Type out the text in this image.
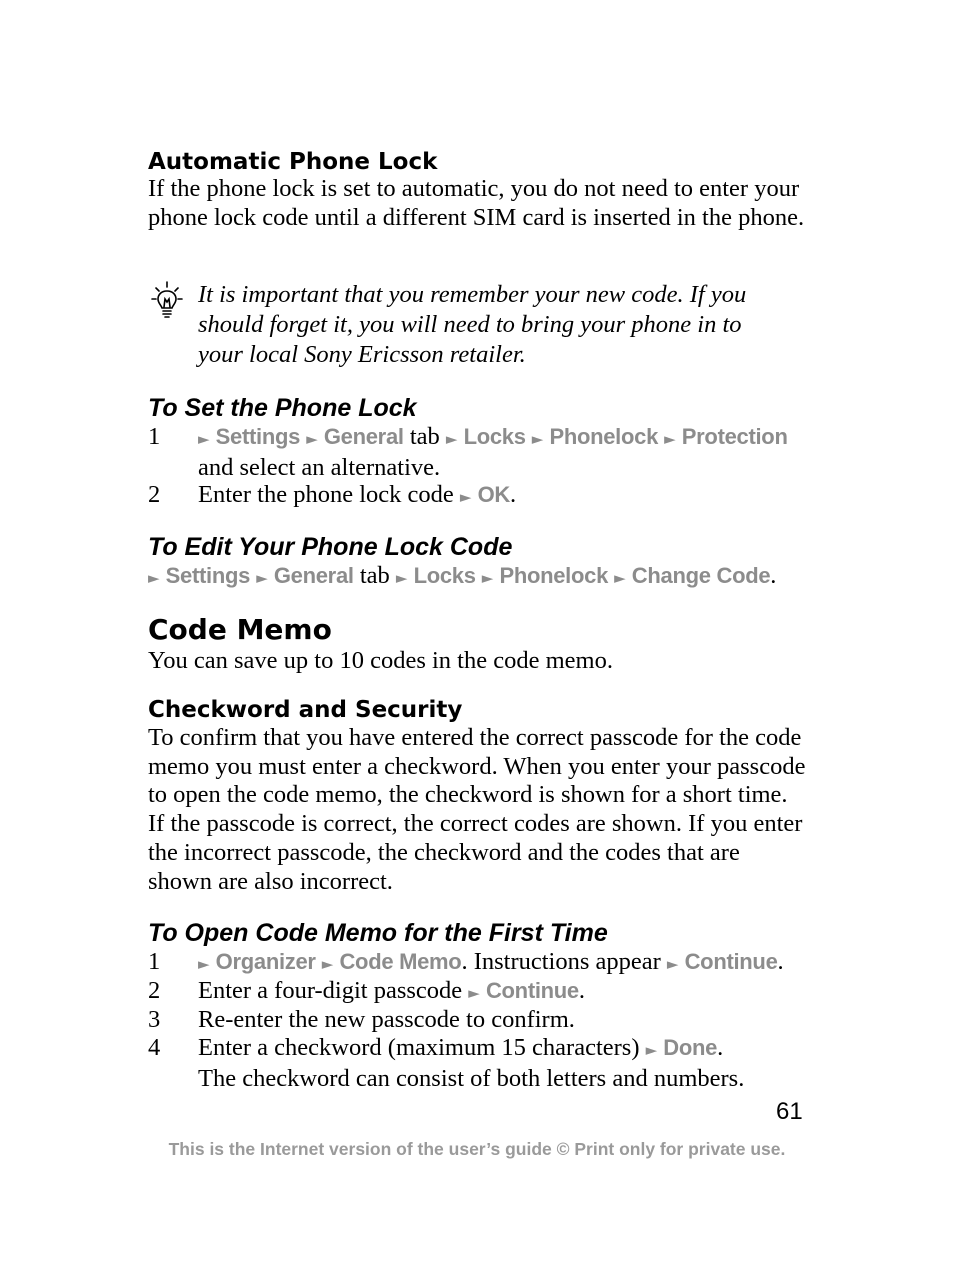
Automatic Phone Lock

If the phone lock is set to automatic, you do not need to enter your phone lock code until a different SIM card is inserted in the phone.

It is important that you remember your new code. If you should forget it, you will need to bring your phone in to your local Sony Ericsson retailer.
To Set the Phone Lock
1	► Settings ► General tab ► Locks ► Phonelock ► Protection
and select an alternative.
2	Enter the phone lock code ► OK.
To Edit Your Phone Lock Code
► Settings ► General tab ► Locks ► Phonelock ► Change Code.
Code Memo

You can save up to 10 codes in the code memo.

Checkword and Security

To confirm that you have entered the correct passcode for the code memo you must enter a checkword. When you enter your passcode to open the code memo, the checkword is shown for a short time. If the passcode is correct, the correct codes are shown. If you enter the incorrect passcode, the checkword and the codes that are shown are also incorrect.

To Open Code Memo for the First Time
1	► Organizer ► Code Memo. Instructions appear ► Continue.
2	Enter a four-digit passcode ► Continue.
3	Re-enter the new passcode to confirm.
4	Enter a checkword (maximum 15 characters) ► Done.
The checkword can consist of both letters and numbers.
61
This is the Internet version of the user’s guide © Print only for private use.
